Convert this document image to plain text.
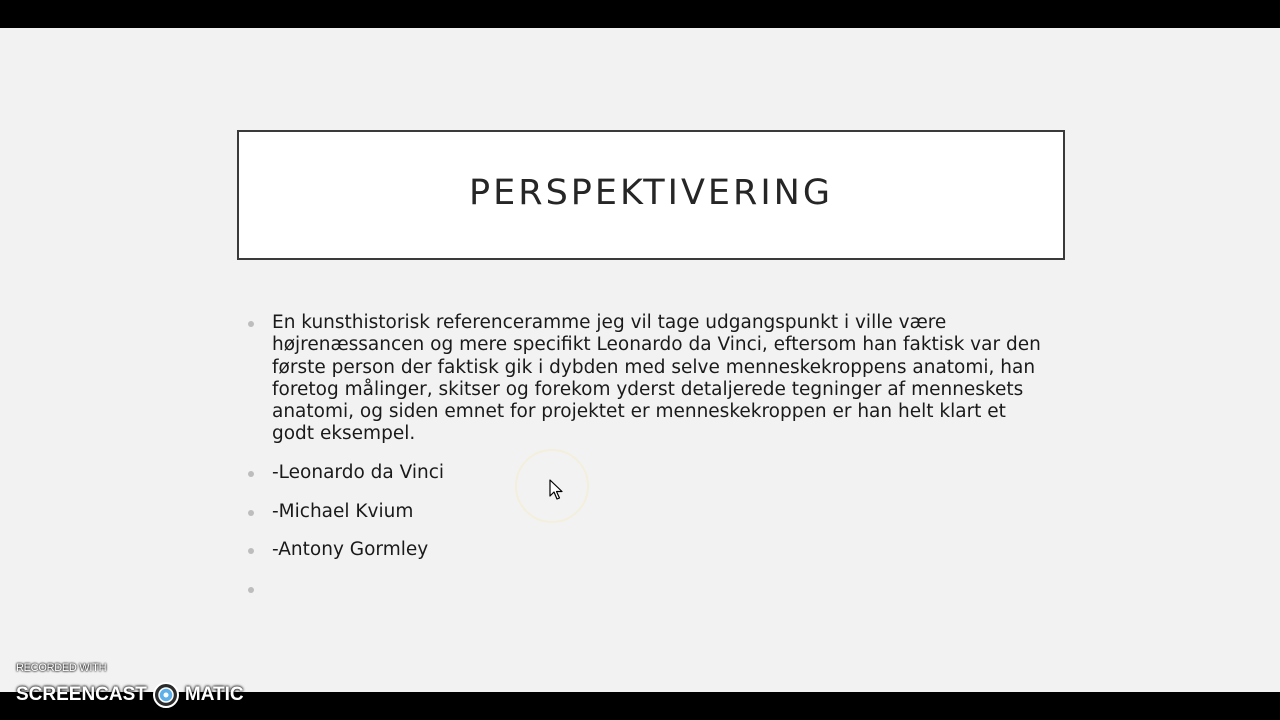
PERSPEKTIVERING
En kunsthistorisk referenceramme jeg vil tage udgangspunkt i ville være højrenæssancen og mere specifikt Leonardo da Vinci, eftersom han faktisk var den første person der faktisk gik i dybden med selve menneskekroppens anatomi, han foretog målinger, skitser og forekom yderst detaljerede tegninger af menneskets anatomi, og siden emnet for projektet er menneskekroppen er han helt klart et godt eksempel.
-Leonardo da Vinci
-Michael Kvium
-Antony Gormley
RECORDED WITH
SCREENCAST MATIC
